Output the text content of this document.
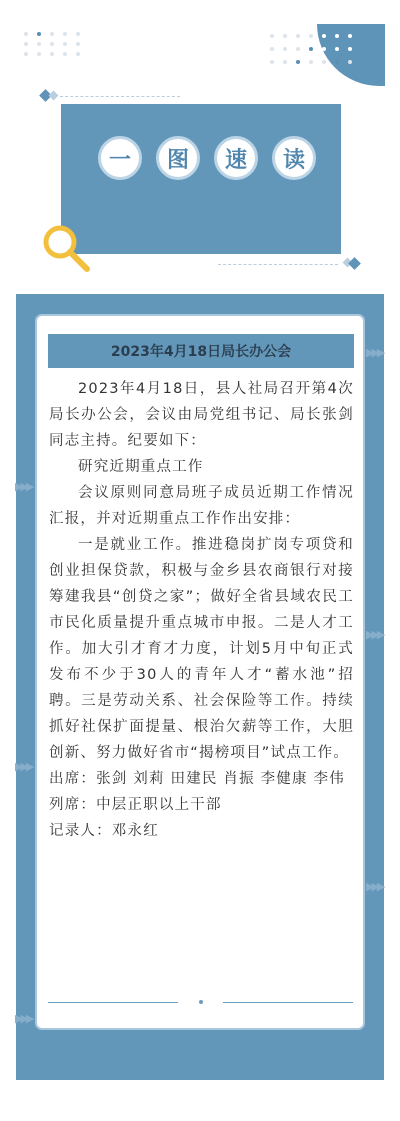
一	图	速	读
▶▶▶
▶▶▶
▶▶▶
▶▶▶
▶▶▶
▶▶▶
2023年4月18日局长办公会

2023年4月18日，县人社局召开第4次局长办公会，会议由局党组书记、局长张剑同志主持。纪要如下：

研究近期重点工作

会议原则同意局班子成员近期工作情况汇报，并对近期重点工作作出安排：

一是就业工作。推进稳岗扩岗专项贷和创业担保贷款，积极与金乡县农商银行对接筹建我县“创贷之家”；做好全省县域农民工市民化质量提升重点城市申报。二是人才工作。加大引才育才力度，计划5月中旬正式发布不少于30人的青年人才“蓄水池”招聘。三是劳动关系、社会保险等工作。持续抓好社保扩面提量、根治欠薪等工作，大胆创新、努力做好省市“揭榜项目”试点工作。

出席：张剑 刘莉 田建民 肖振 李健康 李伟

列席：中层正职以上干部

记录人：邓永红
